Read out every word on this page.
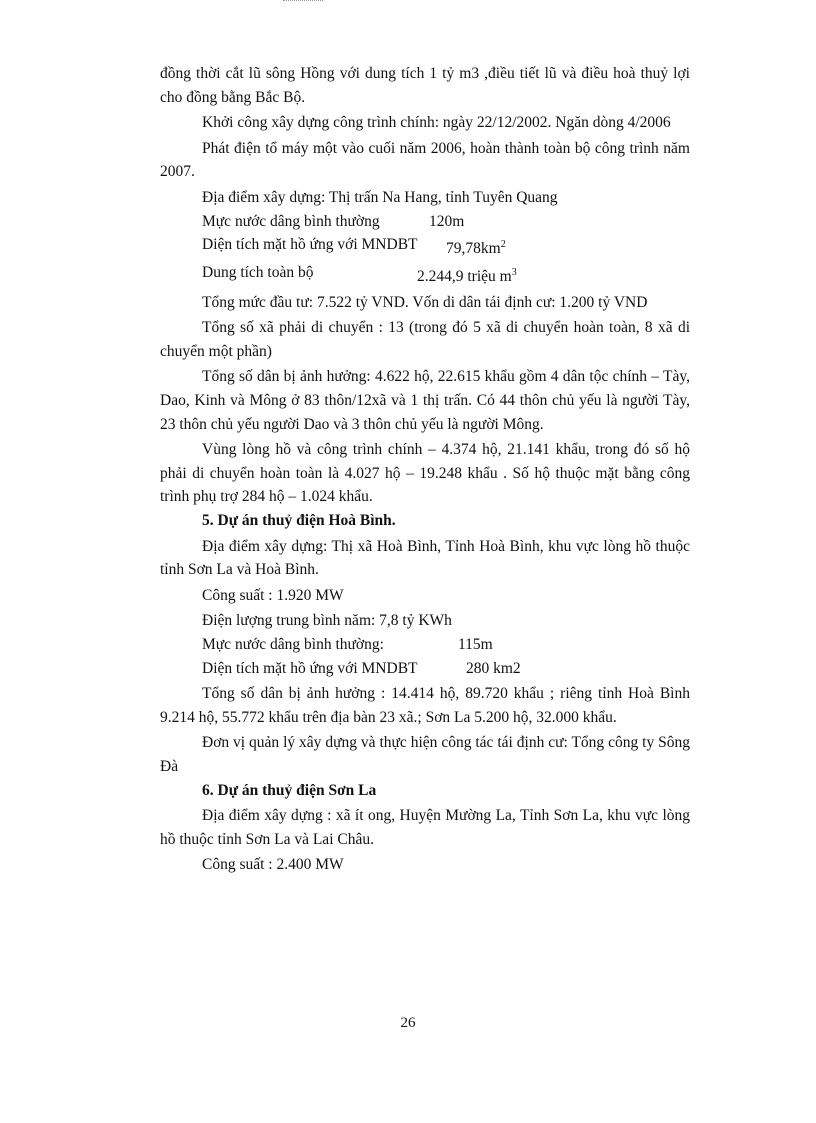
đồng thời cắt lũ sông Hồng với dung tích 1 tỷ m3 ,điều tiết lũ và điều hoà thuỷ lợi cho đồng bằng Bắc Bộ.

Khởi công xây dựng công trình chính: ngày 22/12/2002. Ngăn dòng 4/2006

Phát điện tổ máy một vào cuối năm 2006, hoàn thành toàn bộ công trình năm 2007.

Địa điểm xây dựng: Thị trấn Na Hang, tỉnh Tuyên Quang

Mực nước dâng bình thường	120m
Diện tích mặt hồ ứng với MNDBT	$79,78km^2$
Dung tích toàn bộ	2.244,9 triệu $m^3$

Tổng mức đầu tư: 7.522 tỷ VND. Vốn di dân tái định cư: 1.200 tỷ VND

Tổng số xã phải di chuyển : 13 (trong đó 5 xã di chuyển hoàn toàn, 8 xã di chuyển một phần)

Tổng số dân bị ảnh hưởng: 4.622 hộ, 22.615 khẩu gồm 4 dân tộc chính – Tày, Dao, Kinh và Mông ở 83 thôn/12xã và 1 thị trấn. Có 44 thôn chủ yếu là người Tày, 23 thôn chủ yếu người Dao và 3 thôn chủ yếu là người Mông.

Vùng lòng hồ và công trình chính – 4.374 hộ, 21.141 khẩu, trong đó số hộ phải di chuyển hoàn toàn là 4.027 hộ – 19.248 khẩu . Số hộ thuộc mặt bằng công trình phụ trợ 284 hộ – 1.024 khẩu.

5. Dự án thuỷ điện Hoà Bình.

Địa điểm xây dựng: Thị xã Hoà Bình, Tỉnh Hoà Bình, khu vực lòng hồ thuộc tỉnh Sơn La và Hoà Bình.

Công suất : 1.920 MW

Điện lượng trung bình năm: 7,8 tỷ KWh

Mực nước dâng bình thường:	115m
Diện tích mặt hồ ứng với MNDBT	280 km2

Tổng số dân bị ảnh hưởng : 14.414 hộ, 89.720 khẩu ; riêng tỉnh Hoà Bình 9.214 hộ, 55.772 khẩu trên địa bàn 23 xã.; Sơn La 5.200 hộ, 32.000 khẩu.

Đơn vị quản lý xây dựng và thực hiện công tác tái định cư: Tổng công ty Sông Đà

6. Dự án thuỷ điện Sơn La

Địa điểm xây dựng : xã ít ong, Huyện Mường La, Tỉnh Sơn La, khu vực lòng hồ thuộc tỉnh Sơn La và Lai Châu.

Công suất : 2.400 MW

26
